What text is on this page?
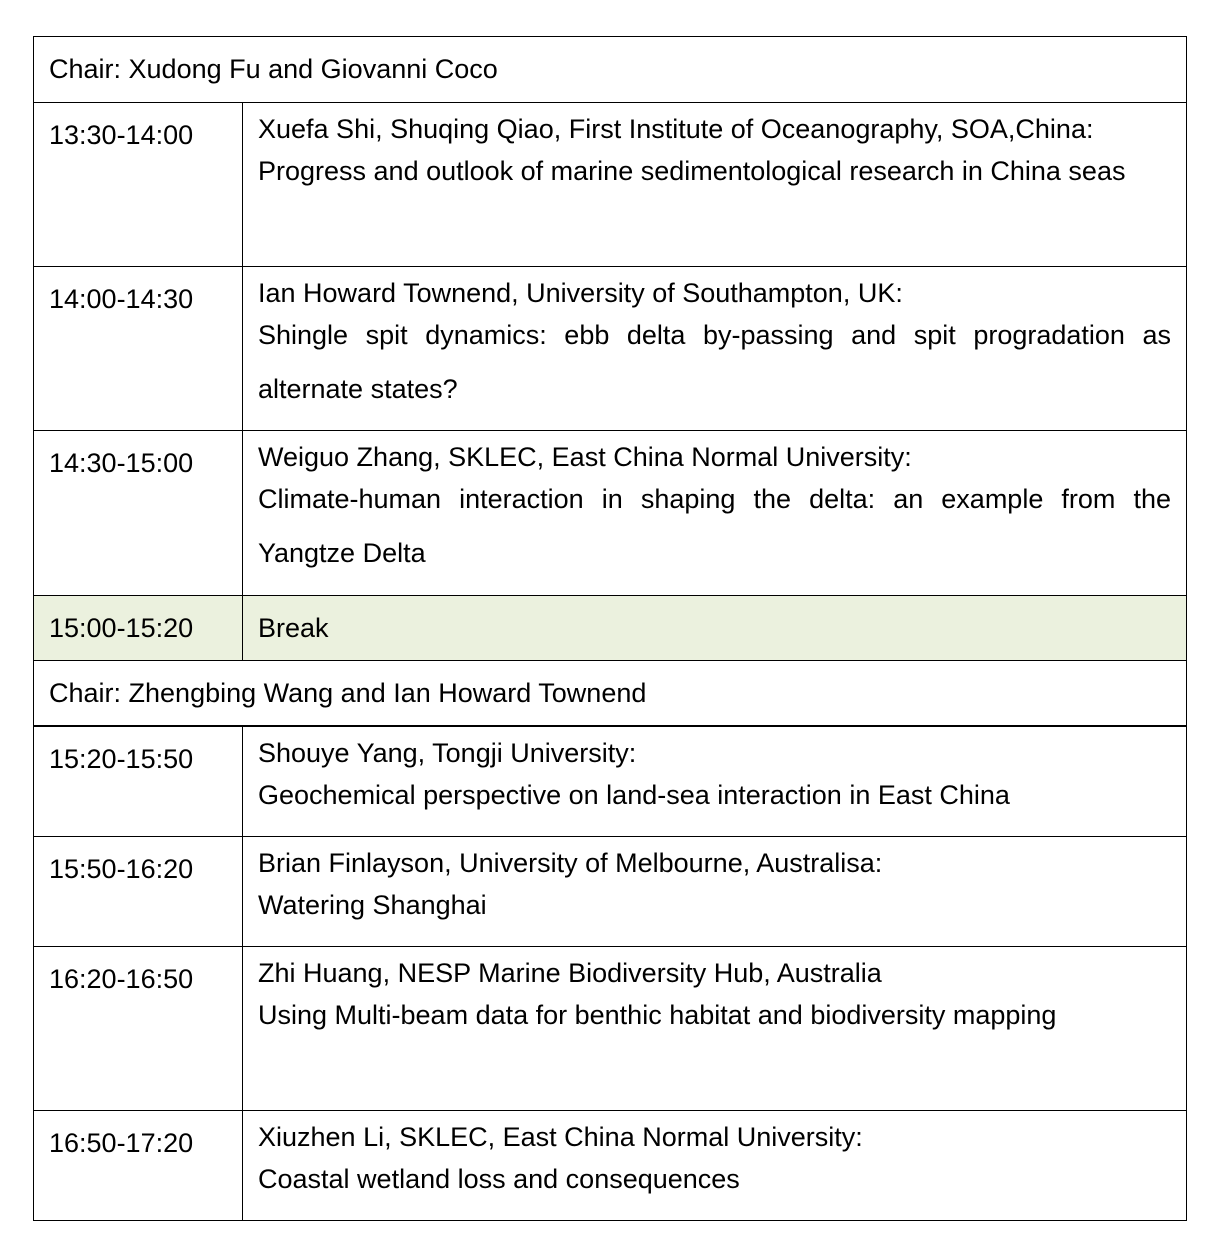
Chair: Xudong Fu and Giovanni Coco
13:30-14:00	Xuefa Shi, Shuqing Qiao, First Institute of Oceanography, SOA,China:
Progress and outlook of marine sedimentological research in China seas
14:00-14:30	Ian Howard Townend, University of Southampton, UK:
Shingle spit dynamics: ebb delta by-passing and spit progradation as alternate states?
14:30-15:00	Weiguo Zhang, SKLEC, East China Normal University:
Climate-human interaction in shaping the delta: an example from the Yangtze Delta
15:00-15:20	Break
Chair: Zhengbing Wang and Ian Howard Townend
15:20-15:50	Shouye Yang, Tongji University:
Geochemical perspective on land-sea interaction in East China
15:50-16:20	Brian Finlayson, University of Melbourne, Australisa:
Watering Shanghai
16:20-16:50	Zhi Huang, NESP Marine Biodiversity Hub, Australia
Using Multi-beam data for benthic habitat and biodiversity mapping
16:50-17:20	Xiuzhen Li, SKLEC, East China Normal University:
Coastal wetland loss and consequences
